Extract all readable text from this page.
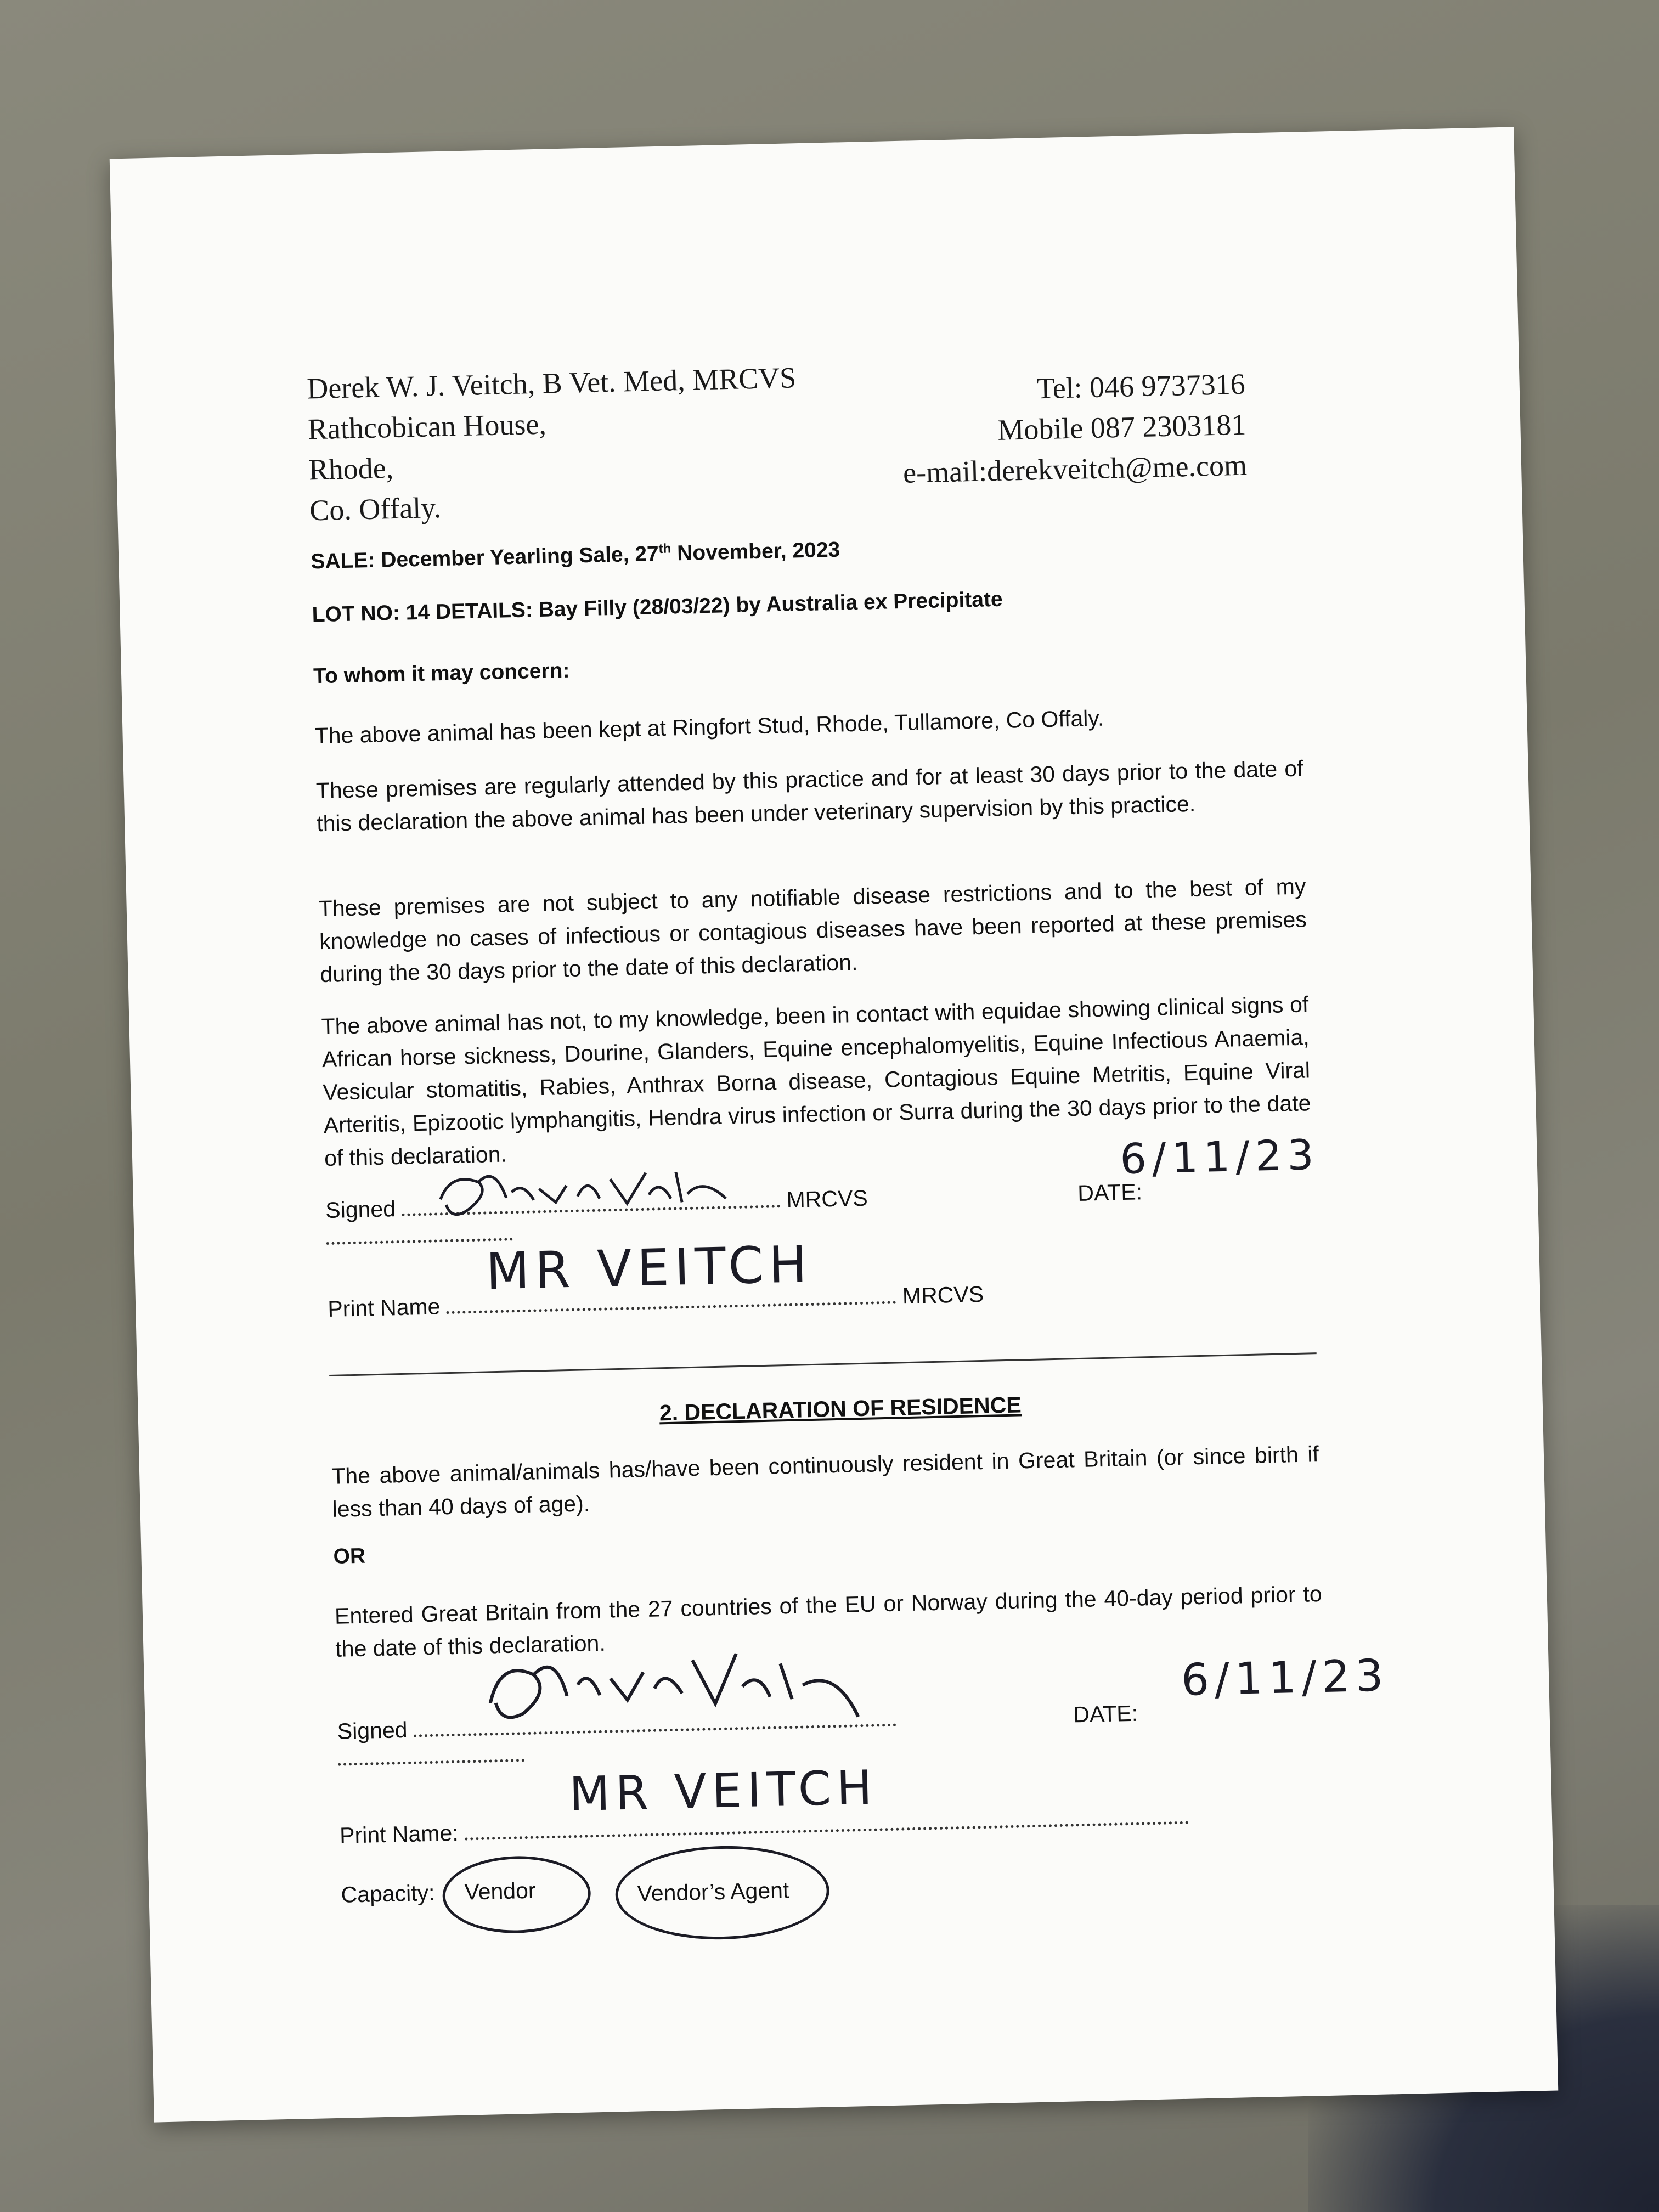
Derek W. J. Veitch, B Vet. Med, MRCVS
Rathcobican House,
Rhode,
Co. Offaly.
Tel: 046 9737316
Mobile 087 2303181
e-mail:derekveitch@me.com
SALE: December Yearling Sale, 27th November, 2023
LOT NO: 14 DETAILS: Bay Filly (28/03/22) by Australia ex Precipitate
To whom it may concern:
The above animal has been kept at Ringfort Stud, Rhode, Tullamore, Co Offaly.
These premises are regularly attended by this practice and for at least 30 days prior to the date of this declaration the above animal has been under veterinary supervision by this practice.
These premises are not subject to any notifiable disease restrictions and to the best of my knowledge no cases of infectious or contagious diseases have been reported at these premises during the 30 days prior to the date of this declaration.
The above animal has not, to my knowledge, been in contact with equidae showing clinical signs of African horse sickness, Dourine, Glanders, Equine encephalomyelitis, Equine Infectious Anaemia, Vesicular stomatitis, Rabies, Anthrax Borna disease, Contagious Equine Metritis, Equine Viral Arteritis, Epizootic lymphangitis, Hendra virus infection or Surra during the 30 days prior to the date of this declaration.
Signed	MRCVS	DATE:
6/11/23
Print Name	MRCVS
MR VEITCH
2. DECLARATION OF RESIDENCE
The above animal/animals has/have been continuously resident in Great Britain (or since birth if less than 40 days of age).
OR
Entered Great Britain from the 27 countries of the EU or Norway during the 40-day period prior to the date of this declaration.
Signed   DATE:
6/11/23
Print Name:
MR VEITCH
Capacity:	Vendor	Vendor’s Agent
